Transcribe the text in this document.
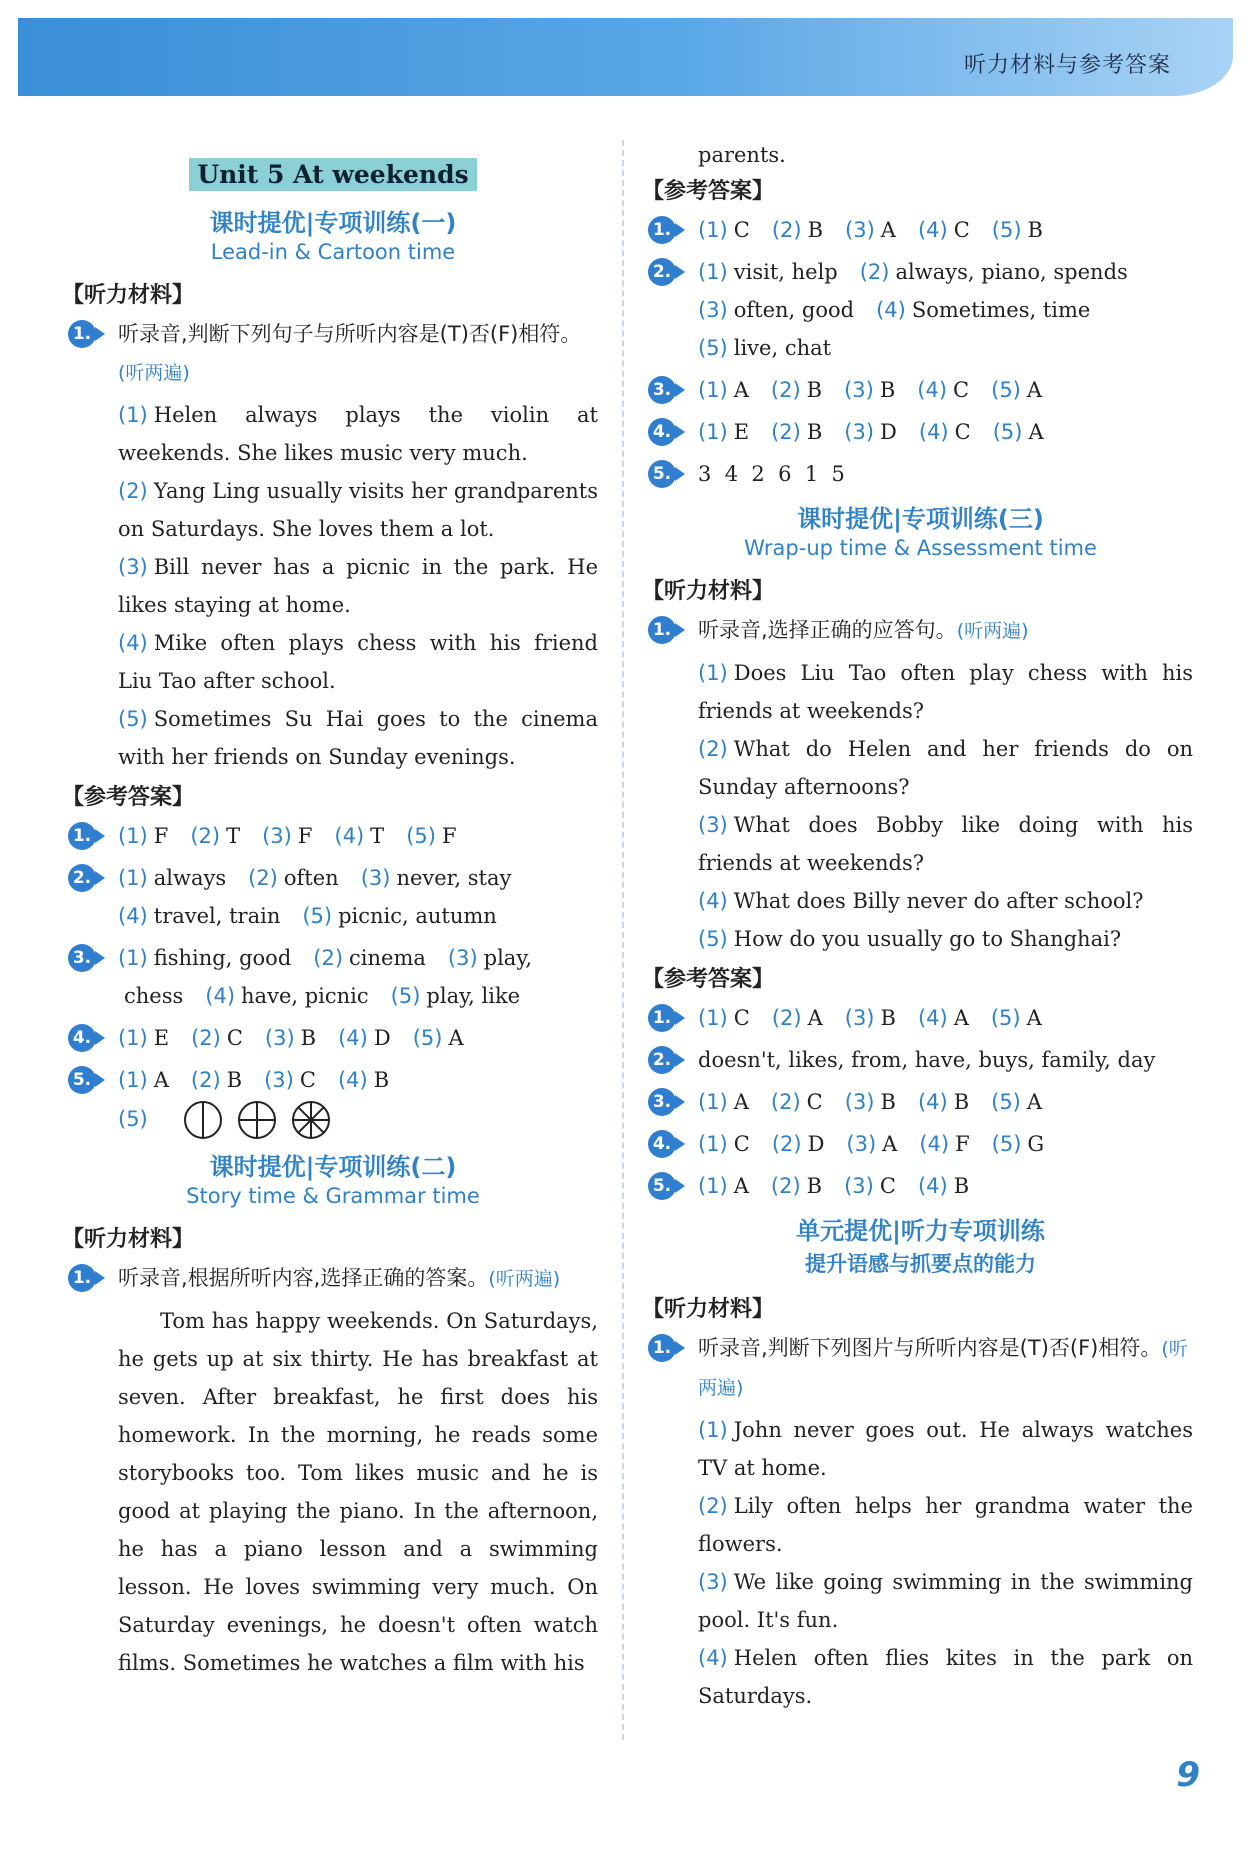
听力材料与参考答案
Unit 5 At weekends
课时提优|专项训练(一)
Lead-in & Cartoon time
【听力材料】
1. 听录音,判断下列句子与所听内容是(T)否(F)相符。(听两遍)
(1) Helen always plays the violin at weekends. She likes music very much.
(2) Yang Ling usually visits her grandparents on Saturdays. She loves them a lot.
(3) Bill never has a picnic in the park. He likes staying at home.
(4) Mike often plays chess with his friend Liu Tao after school.
(5) Sometimes Su Hai goes to the cinema with her friends on Sunday evenings.
【参考答案】
1. (1) F (2) T (3) F (4) T (5) F
2. (1) always (2) often (3) never, stay
(4) travel, train (5) picnic, autumn
3. (1) fishing, good (2) cinema (3) play,
chess (4) have, picnic (5) play, like
4. (1) E (2) C (3) B (4) D (5) A
5. (1) A (2) B (3) C (4) B
(5)
课时提优|专项训练(二)
Story time & Grammar time
【听力材料】
1. 听录音,根据所听内容,选择正确的答案。(听两遍)
Tom has happy weekends. On Saturdays, he gets up at six thirty. He has breakfast at seven. After breakfast, he first does his homework. In the morning, he reads some storybooks too. Tom likes music and he is good at playing the piano. In the afternoon, he has a piano lesson and a swimming lesson. He loves swimming very much. On Saturday evenings, he doesn't often watch films. Sometimes he watches a film with his
parents.
【参考答案】
1. (1) C (2) B (3) A (4) C (5) B
2. (1) visit, help (2) always, piano, spends
(3) often, good (4) Sometimes, time
(5) live, chat
3. (1) A (2) B (3) B (4) C (5) A
4. (1) E (2) B (3) D (4) C (5) A
5. 3  4  2  6  1  5
课时提优|专项训练(三)
Wrap-up time & Assessment time
【听力材料】
1. 听录音,选择正确的应答句。(听两遍)
(1) Does Liu Tao often play chess with his friends at weekends?
(2) What do Helen and her friends do on Sunday afternoons?
(3) What does Bobby like doing with his friends at weekends?
(4) What does Billy never do after school?
(5) How do you usually go to Shanghai?
【参考答案】
1. (1) C (2) A (3) B (4) A (5) A
2. doesn't, likes, from, have, buys, family, day
3. (1) A (2) C (3) B (4) B (5) A
4. (1) C (2) D (3) A (4) F (5) G
5. (1) A (2) B (3) C (4) B
单元提优|听力专项训练
提升语感与抓要点的能力
【听力材料】
1. 听录音,判断下列图片与所听内容是(T)否(F)相符。(听两遍)
(1) John never goes out. He always watches TV at home.
(2) Lily often helps her grandma water the flowers.
(3) We like going swimming in the swimming pool. It's fun.
(4) Helen often flies kites in the park on Saturdays.
9
